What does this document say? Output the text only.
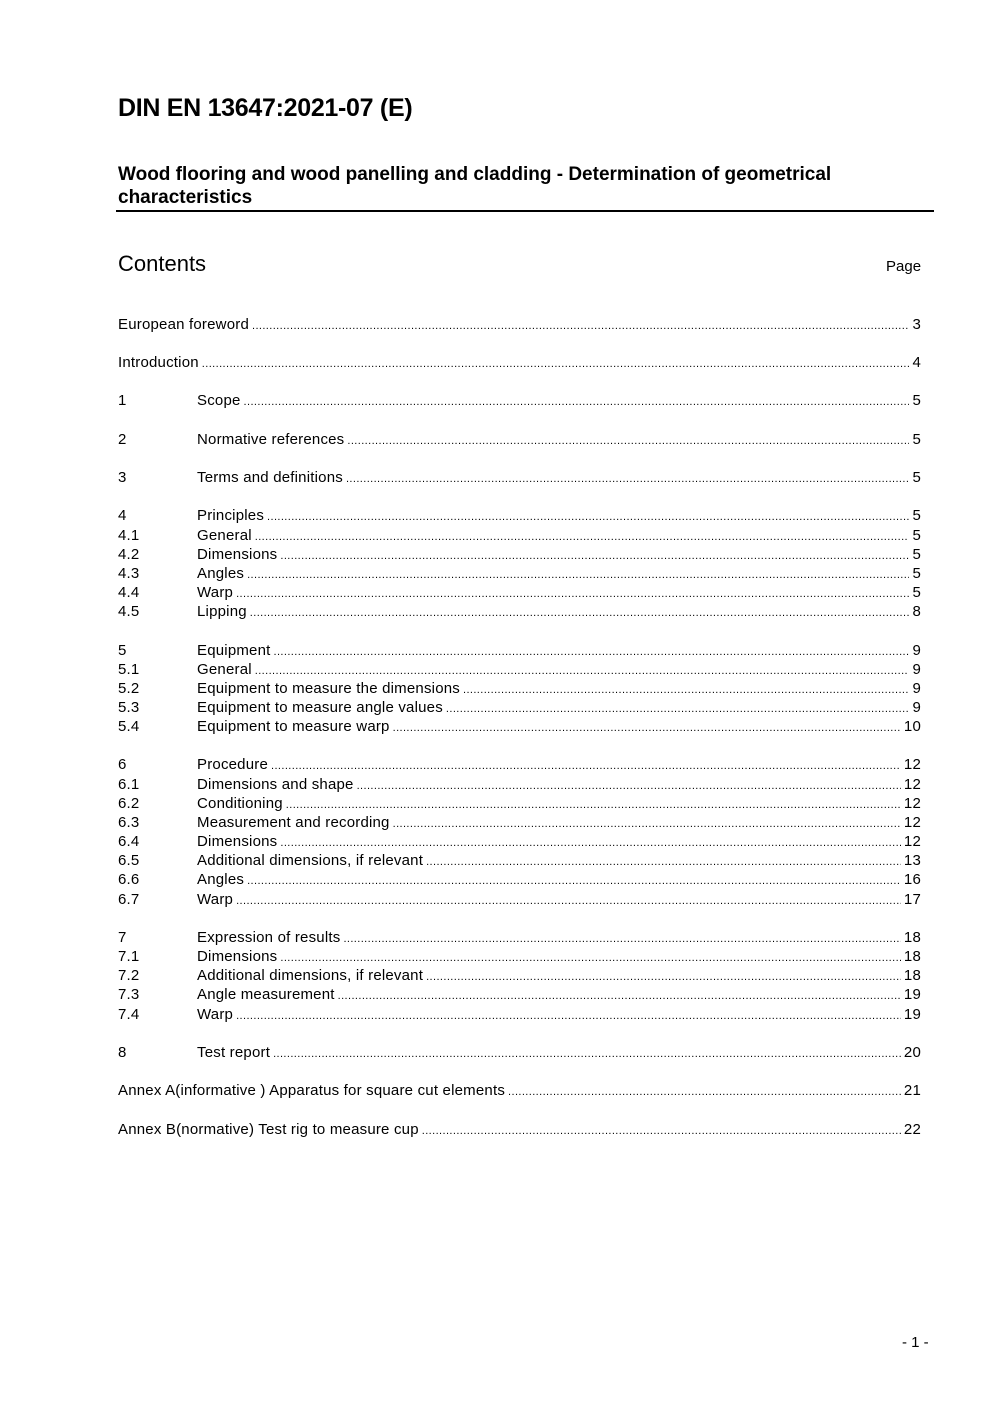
DIN EN 13647:2021-07 (E)
Wood flooring and wood panelling and cladding - Determination of geometrical characteristics
Contents	Page
European foreword .....	3
Introduction .....	4
1	Scope .....	5
2	Normative references .....	5
3	Terms and definitions .....	5
4	Principles .....	5
4.1	General .....	5
4.2	Dimensions .....	5
4.3	Angles .....	5
4.4	Warp .....	5
4.5	Lipping .....	8
5	Equipment .....	9
5.1	General .....	9
5.2	Equipment to measure the dimensions .....	9
5.3	Equipment to measure angle values .....	9
5.4	Equipment to measure warp .....	10
6	Procedure .....	12
6.1	Dimensions and shape .....	12
6.2	Conditioning .....	12
6.3	Measurement and recording .....	12
6.4	Dimensions .....	12
6.5	Additional dimensions, if relevant .....	13
6.6	Angles .....	16
6.7	Warp .....	17
7	Expression of results .....	18
7.1	Dimensions .....	18
7.2	Additional dimensions, if relevant .....	18
7.3	Angle measurement .....	19
7.4	Warp .....	19
8	Test report .....	20
Annex A(informative ) Apparatus for square cut elements .....	21
Annex B(normative) Test rig to measure cup .....	22
- 1 -
